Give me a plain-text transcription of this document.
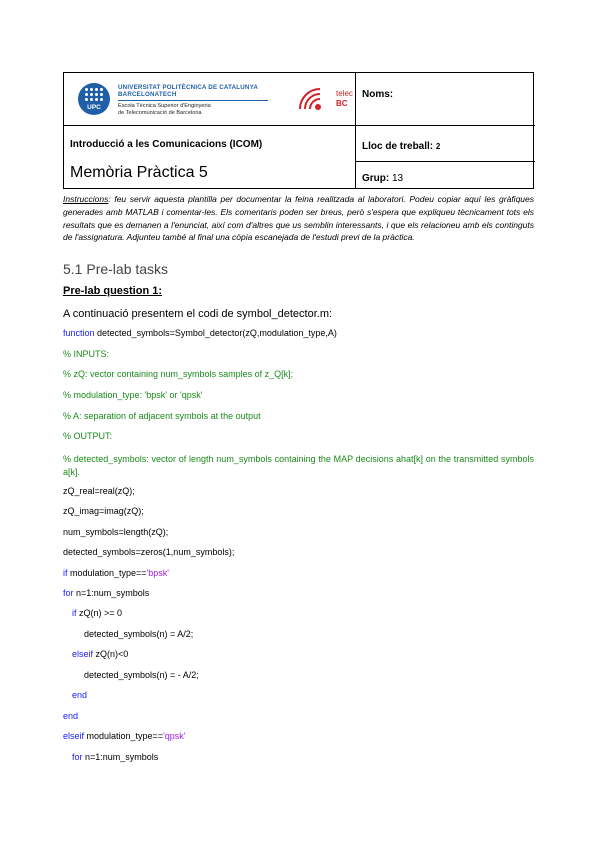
UPC
UNIVERSITAT POLITÈCNICA DE CATALUNYA
BARCELONATECH
Escola Tècnica Superior d'Enginyeria
de Telecomunicació de Barcelona
telec
BC
Introducció a les Comunicacions (ICOM)
Memòria Pràctica 5
Noms:
Lloc de treball: 2
Grup: 13
Instruccions: feu servir aquesta plantilla per documentar la feina realitzada al laboratori. Podeu copiar aquí les gràfiques generades amb MATLAB i comentar-les. Els comentaris poden ser breus, però s'espera que expliqueu tècnicament tots els resultats que es demanen a l'enunciat, així com d'altres que us semblin interessants, i que els relacioneu amb els continguts de l'assignatura. Adjunteu també al final una còpia escanejada de l'estudi previ de la pràctica.
5.1 Pre-lab tasks
Pre-lab question 1:
A continuació presentem el codi de symbol_detector.m:
function detected_symbols=Symbol_detector(zQ,modulation_type,A)
% INPUTS:
% zQ: vector containing num_symbols samples of z_Q[k];
% modulation_type: 'bpsk' or 'qpsk'
% A: separation of adjacent symbols at the output
% OUTPUT:
% detected_symbols: vector of length num_symbols containing the MAP decisions ahat[k] on the transmitted symbols a[k].
zQ_real=real(zQ);
zQ_imag=imag(zQ);
num_symbols=length(zQ);
detected_symbols=zeros(1,num_symbols);
if modulation_type=='bpsk'
for n=1:num_symbols
if zQ(n) >= 0
detected_symbols(n) = A/2;
elseif zQ(n)<0
detected_symbols(n) = - A/2;
end
end
elseif modulation_type=='qpsk'
for n=1:num_symbols
